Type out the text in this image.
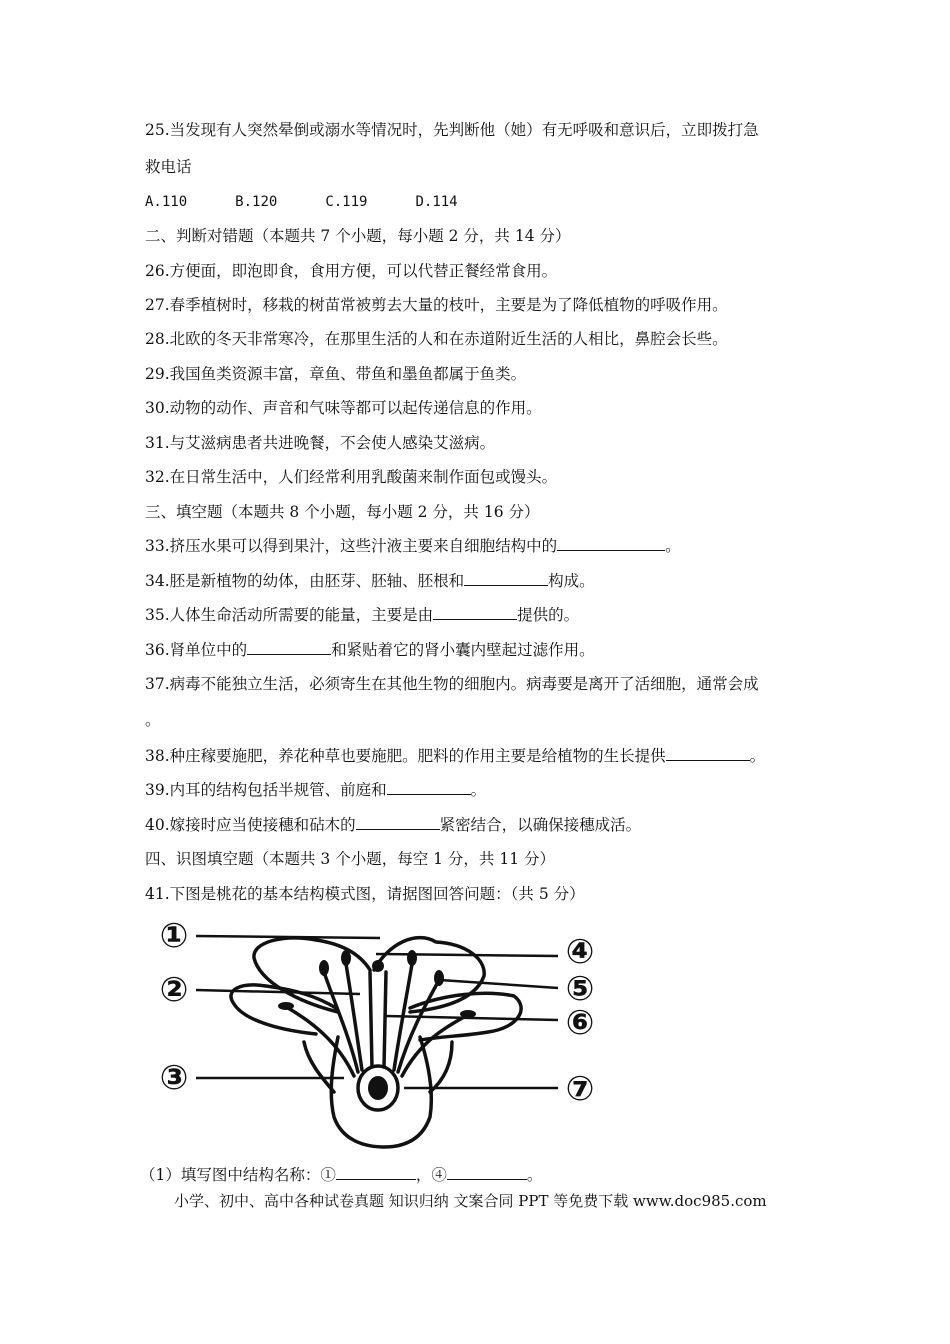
25.当发现有人突然晕倒或溺水等情况时，先判断他（她）有无呼吸和意识后，立即拨打急
救电话
A.110	B.120	C.119	D.114
二、判断对错题（本题共 7 个小题，每小题 2 分，共 14 分）
26.方便面，即泡即食，食用方便，可以代替正餐经常食用。
27.春季植树时，移栽的树苗常被剪去大量的枝叶，主要是为了降低植物的呼吸作用。
28.北欧的冬天非常寒冷，在那里生活的人和在赤道附近生活的人相比，鼻腔会长些。
29.我国鱼类资源丰富，章鱼、带鱼和墨鱼都属于鱼类。
30.动物的动作、声音和气味等都可以起传递信息的作用。
31.与艾滋病患者共进晚餐，不会使人感染艾滋病。
32.在日常生活中，人们经常利用乳酸菌来制作面包或馒头。
三、填空题（本题共 8 个小题，每小题 2 分，共 16 分）
33.挤压水果可以得到果汁，这些汁液主要来自细胞结构中的	。
34.胚是新植物的幼体，由胚芽、胚轴、胚根和	构成。
35.人体生命活动所需要的能量，主要是由	提供的。
36.肾单位中的	和紧贴着它的肾小囊内壁起过滤作用。
37.病毒不能独立生活，必须寄生在其他生物的细胞内。病毒要是离开了活细胞，通常会成
。
38.种庄稼要施肥，养花种草也要施肥。肥料的作用主要是给植物的生长提供	。
39.内耳的结构包括半规管、前庭和	。
40.嫁接时应当使接穗和砧木的	紧密结合，以确保接穗成活。
四、识图填空题（本题共 3 个小题，每空 1 分，共 11 分）
41.下图是桃花的基本结构模式图，请据图回答问题：（共 5 分）
①
②
③
④
⑤
⑥
⑦
（1）填写图中结构名称：①	，④	。
小学、初中、高中各种试卷真题 知识归纳 文案合同 PPT 等免费下载 www.doc985.com
